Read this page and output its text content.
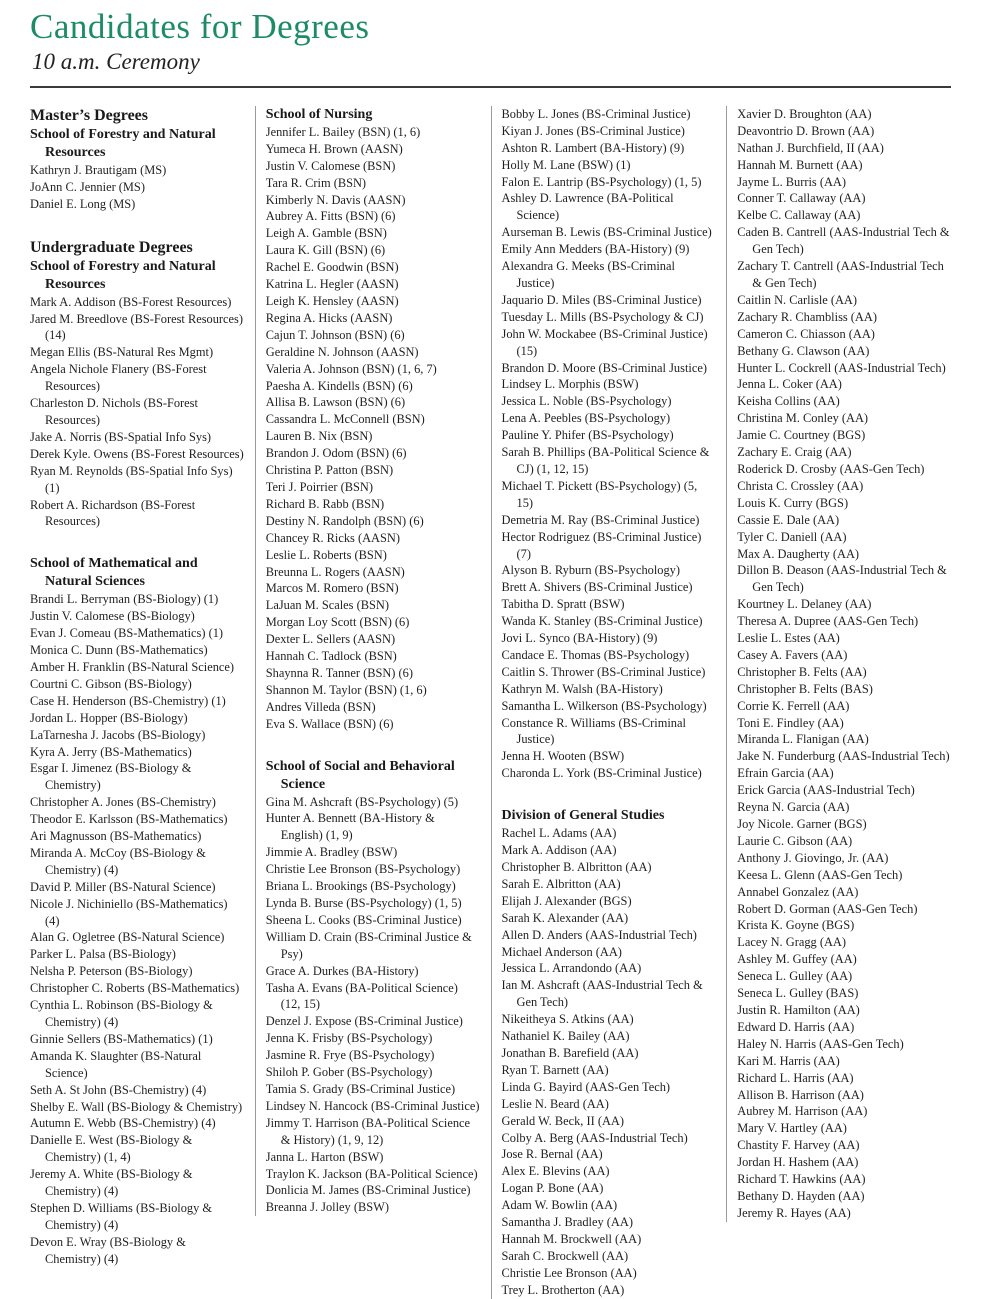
Candidates for Degrees
10 a.m. Ceremony
Master’s Degrees
School of Forestry and Natural Resources
Kathryn J. Brautigam (MS)
JoAnn C. Jennier (MS)
Daniel E. Long (MS)
Undergraduate Degrees
School of Forestry and Natural Resources
Mark A. Addison (BS-Forest Resources)
Jared M. Breedlove (BS-Forest Resources) (14)
Megan Ellis (BS-Natural Res Mgmt)
Angela Nichole Flanery (BS-Forest Resources)
Charleston D. Nichols (BS-Forest Resources)
Jake A. Norris (BS-Spatial Info Sys)
Derek Kyle. Owens (BS-Forest Resources)
Ryan M. Reynolds (BS-Spatial Info Sys) (1)
Robert A. Richardson (BS-Forest Resources)
School of Mathematical and Natural Sciences
Brandi L. Berryman (BS-Biology) (1)
Justin V. Calomese (BS-Biology)
Evan J. Comeau (BS-Mathematics) (1)
Monica C. Dunn (BS-Mathematics)
Amber H. Franklin (BS-Natural Science)
Courtni C. Gibson (BS-Biology)
Case H. Henderson (BS-Chemistry) (1)
Jordan L. Hopper (BS-Biology)
LaTarnesha J. Jacobs (BS-Biology)
Kyra A. Jerry (BS-Mathematics)
Esgar I. Jimenez (BS-Biology & Chemistry)
Christopher A. Jones (BS-Chemistry)
Theodor E. Karlsson (BS-Mathematics)
Ari Magnusson (BS-Mathematics)
Miranda A. McCoy (BS-Biology & Chemistry) (4)
David P. Miller (BS-Natural Science)
Nicole J. Nichiniello (BS-Mathematics) (4)
Alan G. Ogletree (BS-Natural Science)
Parker L. Palsa (BS-Biology)
Nelsha P. Peterson (BS-Biology)
Christopher C. Roberts (BS-Mathematics)
Cynthia L. Robinson (BS-Biology & Chemistry) (4)
Ginnie Sellers (BS-Mathematics) (1)
Amanda K. Slaughter (BS-Natural Science)
Seth A. St John (BS-Chemistry) (4)
Shelby E. Wall (BS-Biology & Chemistry)
Autumn E. Webb (BS-Chemistry) (4)
Danielle E. West (BS-Biology & Chemistry) (1, 4)
Jeremy A. White (BS-Biology & Chemistry) (4)
Stephen D. Williams (BS-Biology & Chemistry) (4)
Devon E. Wray (BS-Biology & Chemistry) (4)
School of Nursing
Jennifer L. Bailey (BSN) (1, 6)
Yumeca H. Brown (AASN)
Justin V. Calomese (BSN)
Tara R. Crim (BSN)
Kimberly N. Davis (AASN)
Aubrey A. Fitts (BSN) (6)
Leigh A. Gamble (BSN)
Laura K. Gill (BSN) (6)
Rachel E. Goodwin (BSN)
Katrina L. Hegler (AASN)
Leigh K. Hensley (AASN)
Regina A. Hicks (AASN)
Cajun T. Johnson (BSN) (6)
Geraldine N. Johnson (AASN)
Valeria A. Johnson (BSN) (1, 6, 7)
Paesha A. Kindells (BSN) (6)
Allisa B. Lawson (BSN) (6)
Cassandra L. McConnell (BSN)
Lauren B. Nix (BSN)
Brandon J. Odom (BSN) (6)
Christina P. Patton (BSN)
Teri J. Poirrier (BSN)
Richard B. Rabb (BSN)
Destiny N. Randolph (BSN) (6)
Chancey R. Ricks (AASN)
Leslie L. Roberts (BSN)
Breunna L. Rogers (AASN)
Marcos M. Romero (BSN)
LaJuan M. Scales (BSN)
Morgan Loy Scott (BSN) (6)
Dexter L. Sellers (AASN)
Hannah C. Tadlock (BSN)
Shaynna R. Tanner (BSN) (6)
Shannon M. Taylor (BSN) (1, 6)
Andres Villeda (BSN)
Eva S. Wallace (BSN) (6)
School of Social and Behavioral Science
Gina M. Ashcraft (BS-Psychology) (5)
Hunter A. Bennett (BA-History & English) (1, 9)
Jimmie A. Bradley (BSW)
Christie Lee Bronson (BS-Psychology)
Briana L. Brookings (BS-Psychology)
Lynda B. Burse (BS-Psychology) (1, 5)
Sheena L. Cooks (BS-Criminal Justice)
William D. Crain (BS-Criminal Justice & Psy)
Grace A. Durkes (BA-History)
Tasha A. Evans (BA-Political Science) (12, 15)
Denzel J. Expose (BS-Criminal Justice)
Jenna K. Frisby (BS-Psychology)
Jasmine R. Frye (BS-Psychology)
Shiloh P. Gober (BS-Psychology)
Tamia S. Grady (BS-Criminal Justice)
Lindsey N. Hancock (BS-Criminal Justice)
Jimmy T. Harrison (BA-Political Science & History) (1, 9, 12)
Janna L. Harton (BSW)
Traylon K. Jackson (BA-Political Science)
Donlicia M. James (BS-Criminal Justice)
Breanna J. Jolley (BSW)
Bobby L. Jones (BS-Criminal Justice)
Kiyan J. Jones (BS-Criminal Justice)
Ashton R. Lambert (BA-History) (9)
Holly M. Lane (BSW) (1)
Falon E. Lantrip (BS-Psychology) (1, 5)
Ashley D. Lawrence (BA-Political Science)
Aurseman B. Lewis (BS-Criminal Justice)
Emily Ann Medders (BA-History) (9)
Alexandra G. Meeks (BS-Criminal Justice)
Jaquario D. Miles (BS-Criminal Justice)
Tuesday L. Mills (BS-Psychology & CJ)
John W. Mockabee (BS-Criminal Justice) (15)
Brandon D. Moore (BS-Criminal Justice)
Lindsey L. Morphis (BSW)
Jessica L. Noble (BS-Psychology)
Lena A. Peebles (BS-Psychology)
Pauline Y. Phifer (BS-Psychology)
Sarah B. Phillips (BA-Political Science & CJ) (1, 12, 15)
Michael T. Pickett (BS-Psychology) (5, 15)
Demetria M. Ray (BS-Criminal Justice)
Hector Rodriguez (BS-Criminal Justice) (7)
Alyson B. Ryburn (BS-Psychology)
Brett A. Shivers (BS-Criminal Justice)
Tabitha D. Spratt (BSW)
Wanda K. Stanley (BS-Criminal Justice)
Jovi L. Synco (BA-History) (9)
Candace E. Thomas (BS-Psychology)
Caitlin S. Thrower (BS-Criminal Justice)
Kathryn M. Walsh (BA-History)
Samantha L. Wilkerson (BS-Psychology)
Constance R. Williams (BS-Criminal Justice)
Jenna H. Wooten (BSW)
Charonda L. York (BS-Criminal Justice)
Division of General Studies
Rachel L. Adams (AA)
Mark A. Addison (AA)
Christopher B. Albritton (AA)
Sarah E. Albritton (AA)
Elijah J. Alexander (BGS)
Sarah K. Alexander (AA)
Allen D. Anders (AAS-Industrial Tech)
Michael Anderson (AA)
Jessica L. Arrandondo (AA)
Ian M. Ashcraft (AAS-Industrial Tech & Gen Tech)
Nikeitheya S. Atkins (AA)
Nathaniel K. Bailey (AA)
Jonathan B. Barefield (AA)
Ryan T. Barnett (AA)
Linda G. Bayird (AAS-Gen Tech)
Leslie N. Beard (AA)
Gerald W. Beck, II (AA)
Colby A. Berg (AAS-Industrial Tech)
Jose R. Bernal (AA)
Alex E. Blevins (AA)
Logan P. Bone (AA)
Adam W. Bowlin (AA)
Samantha J. Bradley (AA)
Hannah M. Brockwell (AA)
Sarah C. Brockwell (AA)
Christie Lee Bronson (AA)
Trey L. Brotherton (AA)
Xavier D. Broughton (AA)
Deavontrio D. Brown (AA)
Nathan J. Burchfield, II (AA)
Hannah M. Burnett (AA)
Jayme L. Burris (AA)
Conner T. Callaway (AA)
Kelbe C. Callaway (AA)
Caden B. Cantrell (AAS-Industrial Tech & Gen Tech)
Zachary T. Cantrell (AAS-Industrial Tech & Gen Tech)
Caitlin N. Carlisle (AA)
Zachary R. Chambliss (AA)
Cameron C. Chiasson (AA)
Bethany G. Clawson (AA)
Hunter L. Cockrell (AAS-Industrial Tech)
Jenna L. Coker (AA)
Keisha Collins (AA)
Christina M. Conley (AA)
Jamie C. Courtney (BGS)
Zachary E. Craig (AA)
Roderick D. Crosby (AAS-Gen Tech)
Christa C. Crossley (AA)
Louis K. Curry (BGS)
Cassie E. Dale (AA)
Tyler C. Daniell (AA)
Max A. Daugherty (AA)
Dillon B. Deason (AAS-Industrial Tech & Gen Tech)
Kourtney L. Delaney (AA)
Theresa A. Dupree (AAS-Gen Tech)
Leslie L. Estes (AA)
Casey A. Favers (AA)
Christopher B. Felts (AA)
Christopher B. Felts (BAS)
Corrie K. Ferrell (AA)
Toni E. Findley (AA)
Miranda L. Flanigan (AA)
Jake N. Funderburg (AAS-Industrial Tech)
Efrain Garcia (AA)
Erick Garcia (AAS-Industrial Tech)
Reyna N. Garcia (AA)
Joy Nicole. Garner (BGS)
Laurie C. Gibson (AA)
Anthony J. Giovingo, Jr. (AA)
Keesa L. Glenn (AAS-Gen Tech)
Annabel Gonzalez (AA)
Robert D. Gorman (AAS-Gen Tech)
Krista K. Goyne (BGS)
Lacey N. Gragg (AA)
Ashley M. Guffey (AA)
Seneca L. Gulley (AA)
Seneca L. Gulley (BAS)
Justin R. Hamilton (AA)
Edward D. Harris (AA)
Haley N. Harris (AAS-Gen Tech)
Kari M. Harris (AA)
Richard L. Harris (AA)
Allison B. Harrison (AA)
Aubrey M. Harrison (AA)
Mary V. Hartley (AA)
Chastity F. Harvey (AA)
Jordan H. Hashem (AA)
Richard T. Hawkins (AA)
Bethany D. Hayden (AA)
Jeremy R. Hayes (AA)
